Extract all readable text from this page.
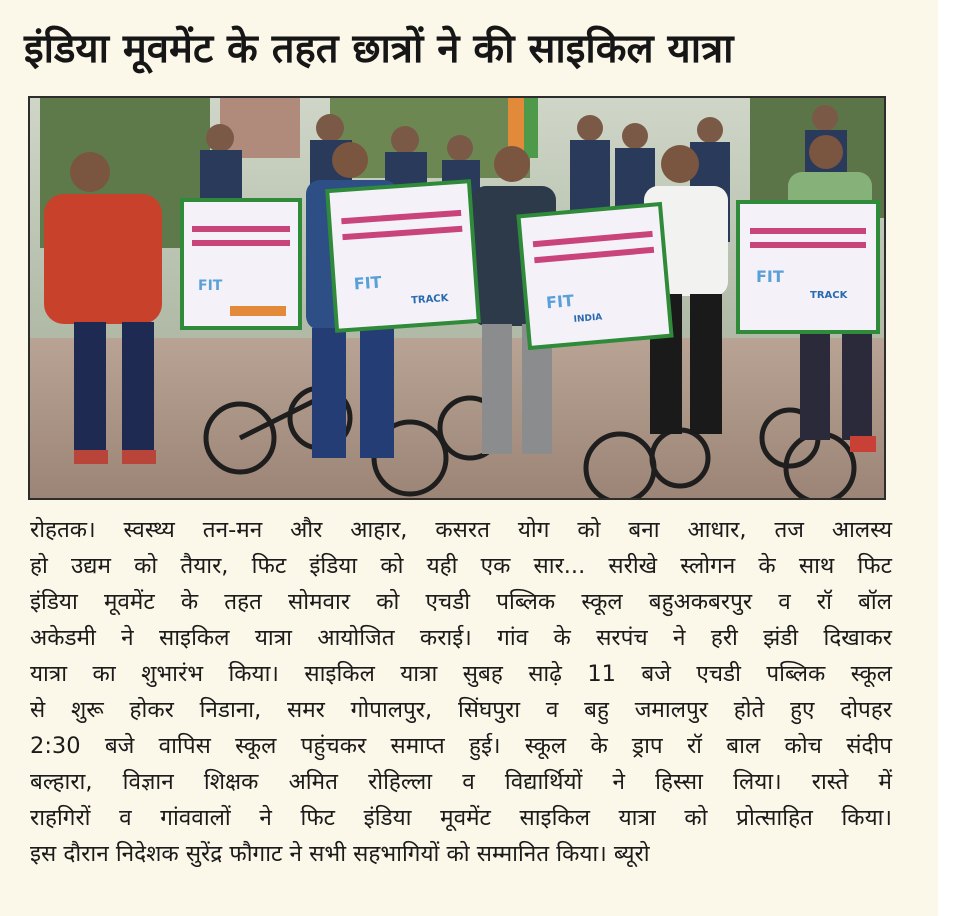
इंडिया मूवमेंट के तहत छात्रों ने की साइकिल यात्रा
FIT	FIT
TRACK	FIT
INDIA
FIT
TRACK
रोहतक। स्वस्थ्य तन-मन और आहार, कसरत योग को बना आधार, तज आलस्य
हो उद्यम को तैयार, फिट इंडिया को यही एक सार... सरीखे स्लोगन के साथ फिट
इंडिया मूवमेंट के तहत सोमवार को एचडी पब्लिक स्कूल बहुअकबरपुर व रॉ बॉल
अकेडमी ने साइकिल यात्रा आयोजित कराई। गांव के सरपंच ने हरी झंडी दिखाकर
यात्रा का शुभारंभ किया। साइकिल यात्रा सुबह साढ़े 11 बजे एचडी पब्लिक स्कूल
से शुरू होकर निडाना, समर गोपालपुर, सिंघपुरा व बहु जमालपुर होते हुए दोपहर
2:30 बजे वापिस स्कूल पहुंचकर समाप्त हुई। स्कूल के ड्राप रॉ बाल कोच संदीप
बल्हारा, विज्ञान शिक्षक अमित रोहिल्ला व विद्यार्थियों ने हिस्सा लिया। रास्ते में
राहगिरों व गांववालों ने फिट इंडिया मूवमेंट साइकिल यात्रा को प्रोत्साहित किया।
इस दौरान निदेशक सुरेंद्र फौगाट ने सभी सहभागियों को सम्मानित किया। ब्यूरो
